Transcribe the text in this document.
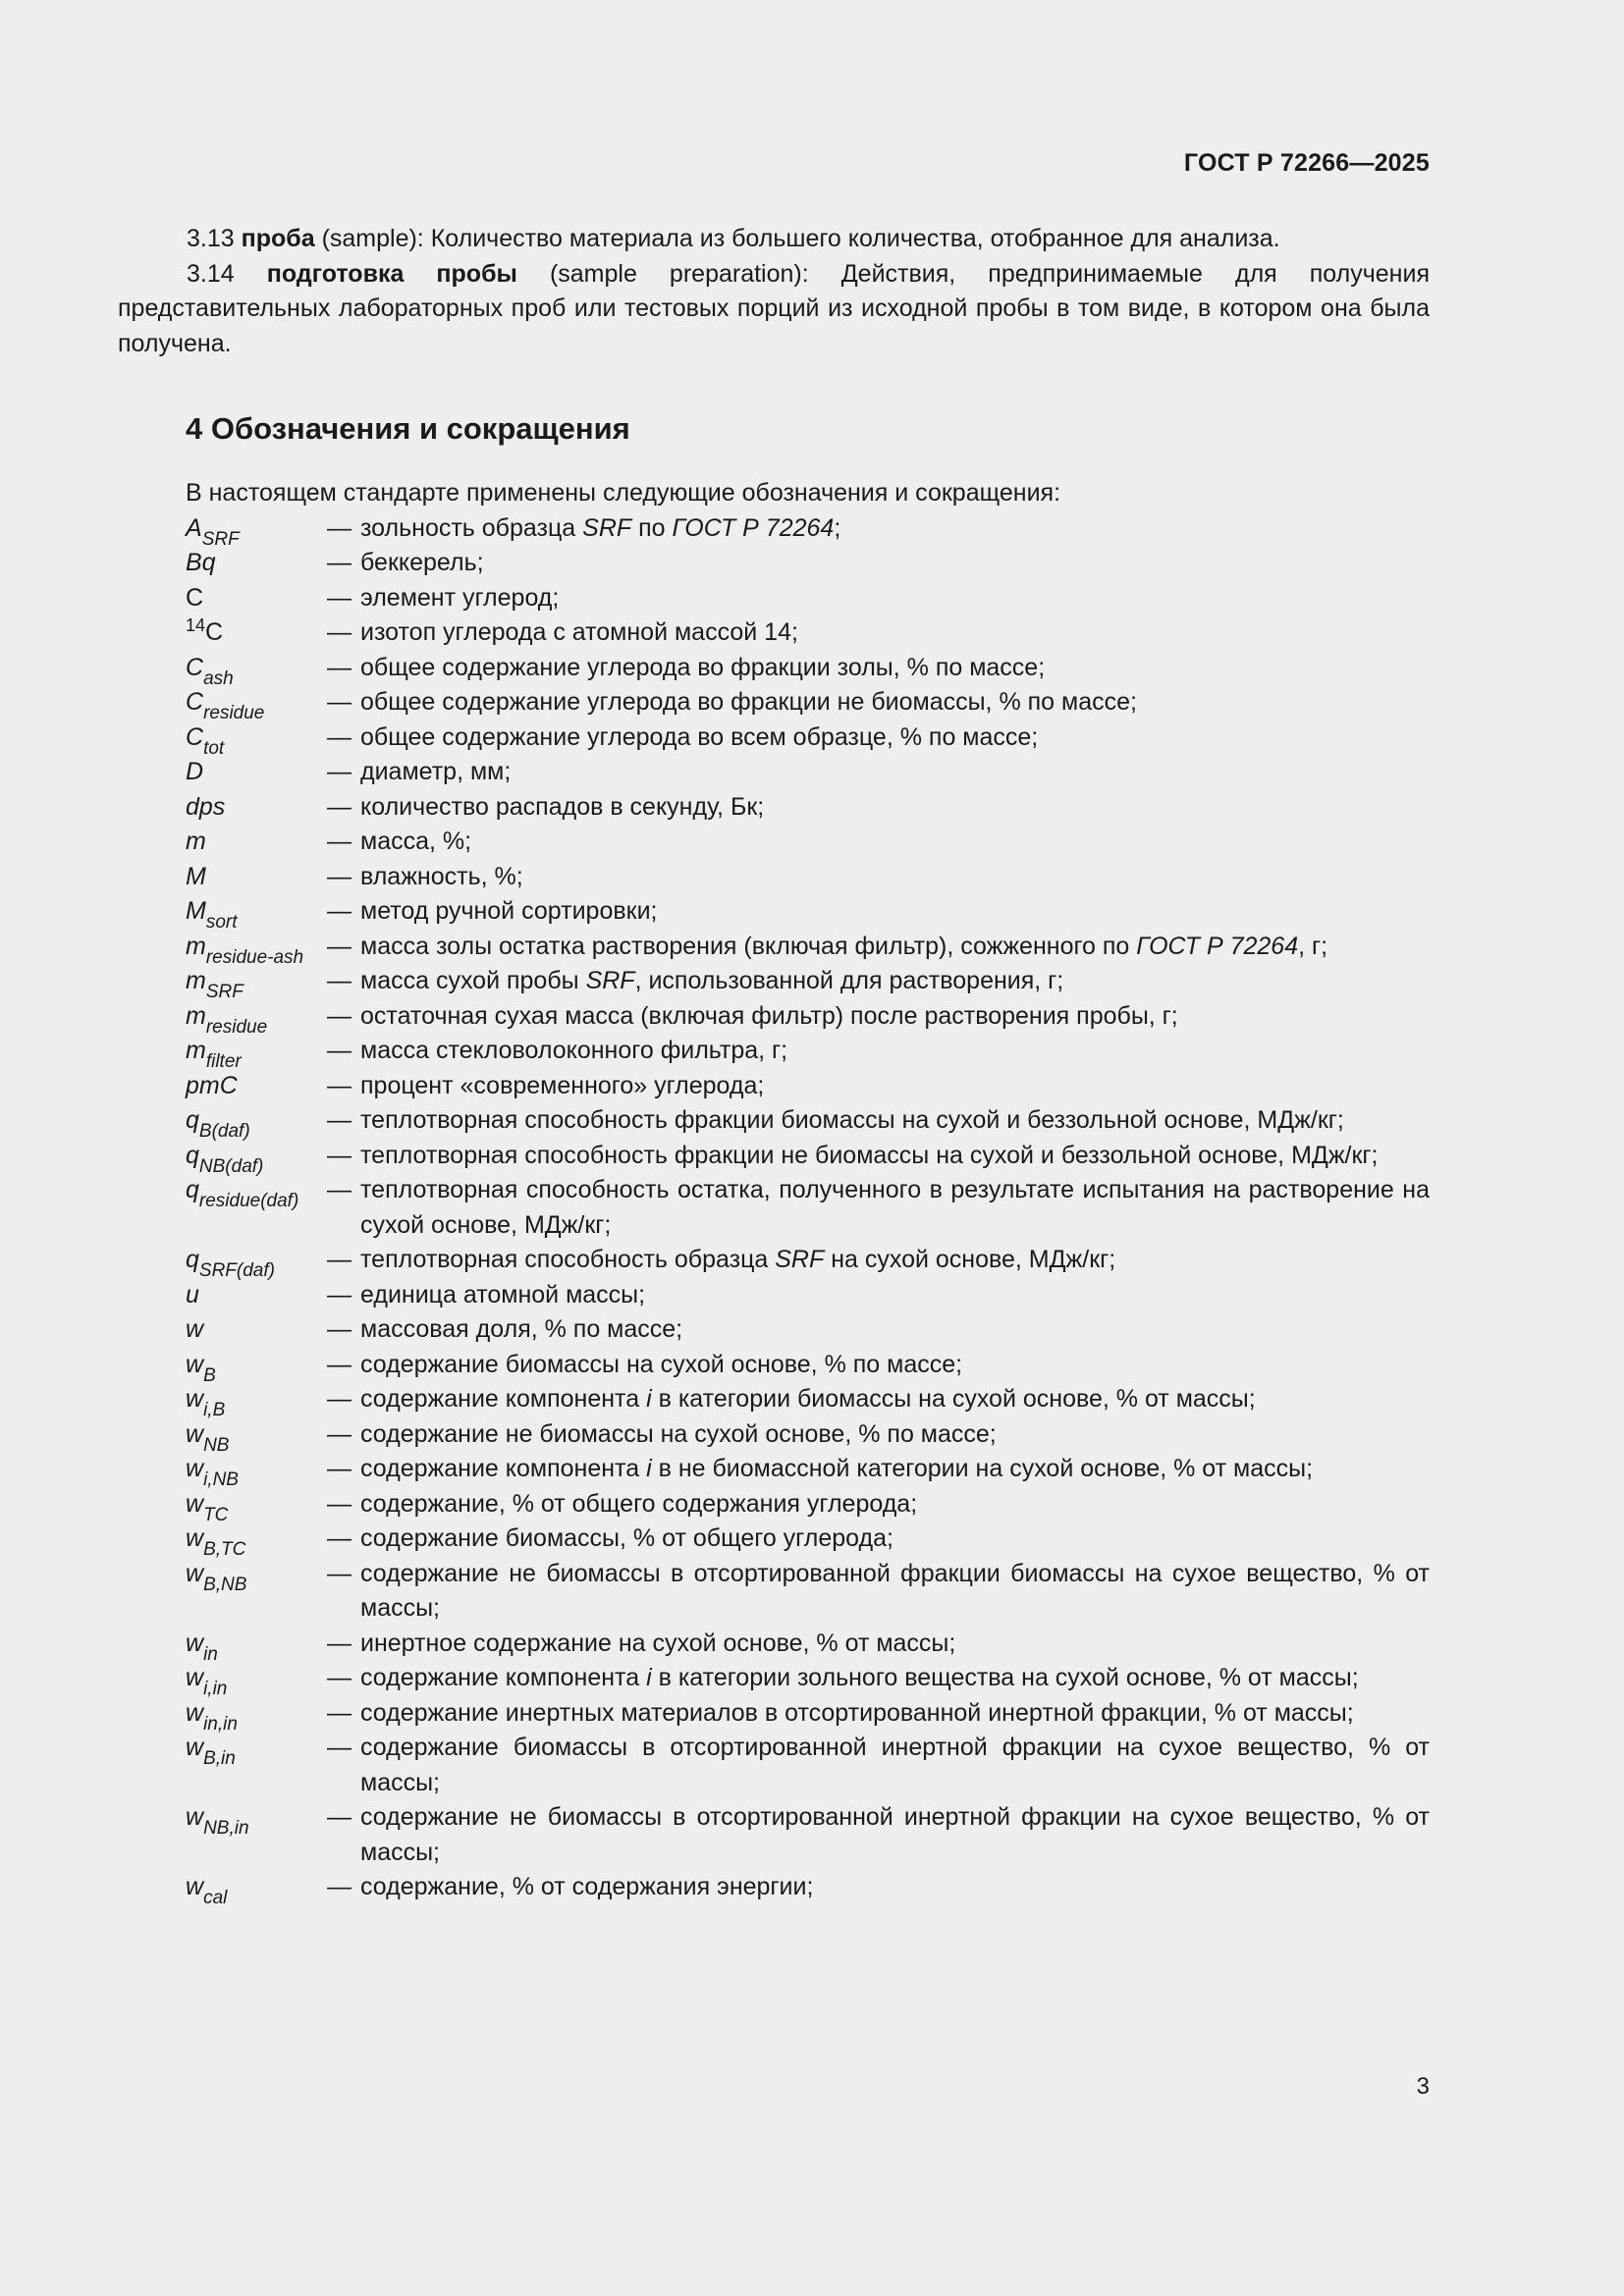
ГОСТ Р 72266—2025

3.13 проба (sample): Количество материала из большего количества, отобранное для анализа.

3.14 подготовка пробы (sample preparation): Действия, предпринимаемые для получения представительных лабораторных проб или тестовых порций из исходной пробы в том виде, в котором она была получена.

4 Обозначения и сокращения
В настоящем стандарте применены следующие обозначения и сокращения:
$A_{SRF}$	— зольность образца SRF по ГОСТ Р 72264;
Bq	— беккерель;
C	— элемент углерод;
$^{14}$C	— изотоп углерода с атомной массой 14;
$C_{ash}$	— общее содержание углерода во фракции золы, % по массе;
$C_{residue}$	— общее содержание углерода во фракции не биомассы, % по массе;
$C_{tot}$	— общее содержание углерода во всем образце, % по массе;
D	— диаметр, мм;
dps	— количество распадов в секунду, Бк;
m	— масса, %;
M	— влажность, %;
$M_{sort}$	— метод ручной сортировки;
$m_{residue-ash}$ — масса золы остатка растворения (включая фильтр), сожженного по ГОСТ Р 72264, г;
$m_{SRF}$	— масса сухой пробы SRF, использованной для растворения, г;
$m_{residue}$	— остаточная сухая масса (включая фильтр) после растворения пробы, г;
$m_{filter}$	— масса стекловолоконного фильтра, г;
pmC	— процент «современного» углерода;
$q_{B(daf)}$	— теплотворная способность фракции биомассы на сухой и беззольной основе, МДж/кг;
$q_{NB(daf)}$	— теплотворная способность фракции не биомассы на сухой и беззольной основе, МДж/кг;
$q_{residue(daf)}$	— теплотворная способность остатка, полученного в результате испытания на растворение на сухой основе, МДж/кг;
$q_{SRF(daf)}$	— теплотворная способность образца SRF на сухой основе, МДж/кг;
u	— единица атомной массы;
w	— массовая доля, % по массе;
$w_B$	— содержание биомассы на сухой основе, % по массе;
$w_{i,B}$	— содержание компонента i в категории биомассы на сухой основе, % от массы;
$w_{NB}$	— содержание не биомассы на сухой основе, % по массе;
$w_{i,NB}$	— содержание компонента i в не биомассной категории на сухой основе, % от массы;
$w_{TC}$	— содержание, % от общего содержания углерода;
$w_{B,TC}$	— содержание биомассы, % от общего углерода;
$w_{B,NB}$	— содержание не биомассы в отсортированной фракции биомассы на сухое вещество, % от массы;
$w_{in}$	— инертное содержание на сухой основе, % от массы;
$w_{i,in}$	— содержание компонента i в категории зольного вещества на сухой основе, % от массы;
$w_{in,in}$	— содержание инертных материалов в отсортированной инертной фракции, % от массы;
$w_{B,in}$	— содержание биомассы в отсортированной инертной фракции на сухое вещество, % от массы;
$w_{NB,in}$	— содержание не биомассы в отсортированной инертной фракции на сухое вещество, % от массы;
$w_{cal}$	— содержание, % от содержания энергии;
3
